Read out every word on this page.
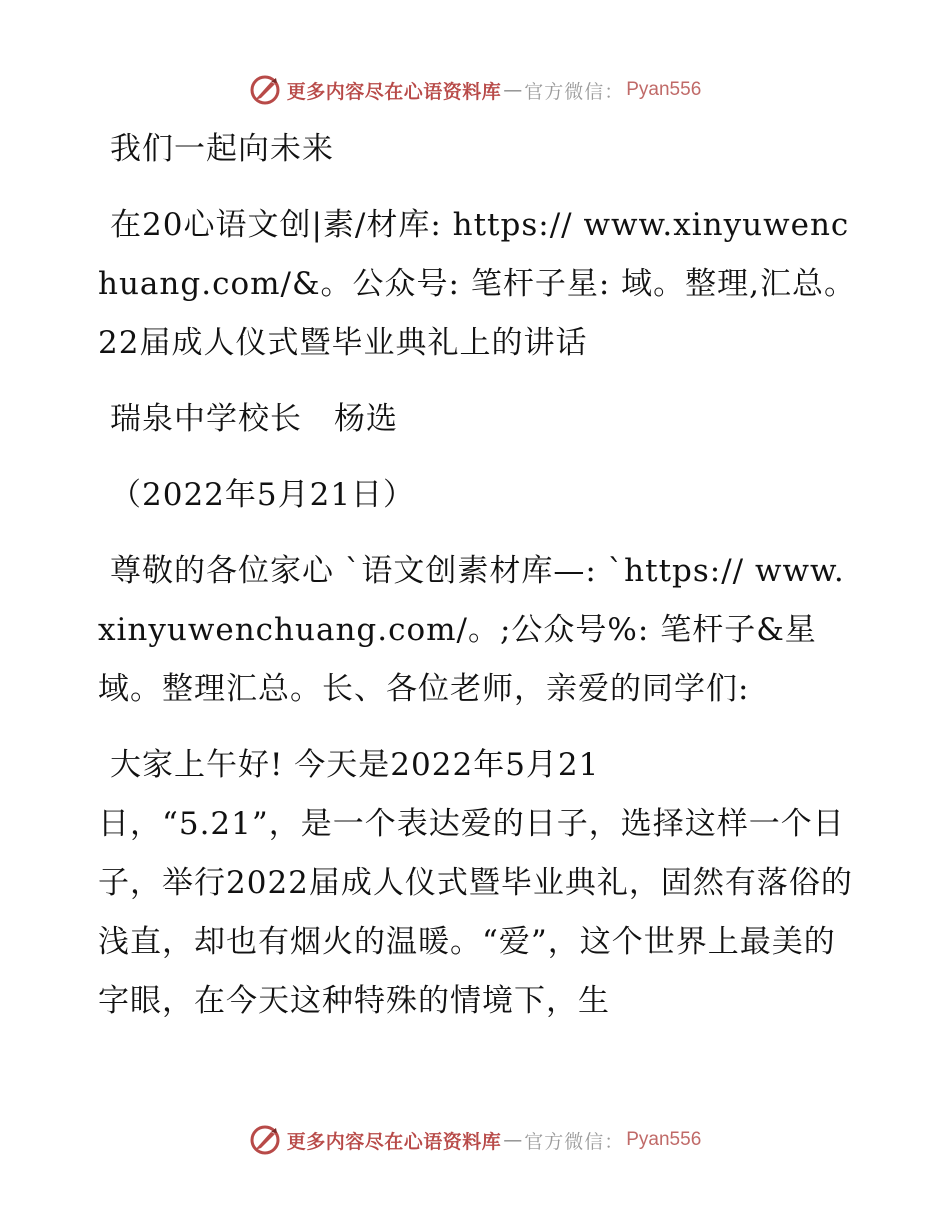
更多内容尽在心语资料库 — 官方微信： Pyan556

我们一起向未来

在20心语文创|素/材库: https:// www.xinyuwenchuang.com/&。公众号: 笔杆子星: 域。整理,汇总。22届成人仪式暨毕业典礼上的讲话

瑞泉中学校长　杨选

（2022年5月21日）

尊敬的各位家心 `语文创素材库—: `https:// www.xinyuwenchuang.com/。;公众号%: 笔杆子&星域。整理汇总。长、各位老师，亲爱的同学们:

大家上午好! 今天是2022年5月21

日，“5.21”，是一个表达爱的日子，选择这样一个日子，举行2022届成人仪式暨毕业典礼，固然有落俗的浅直，却也有烟火的温暖。“爱”，这个世界上最美的字眼，在今天这种特殊的情境下，生

更多内容尽在心语资料库 — 官方微信： Pyan556
